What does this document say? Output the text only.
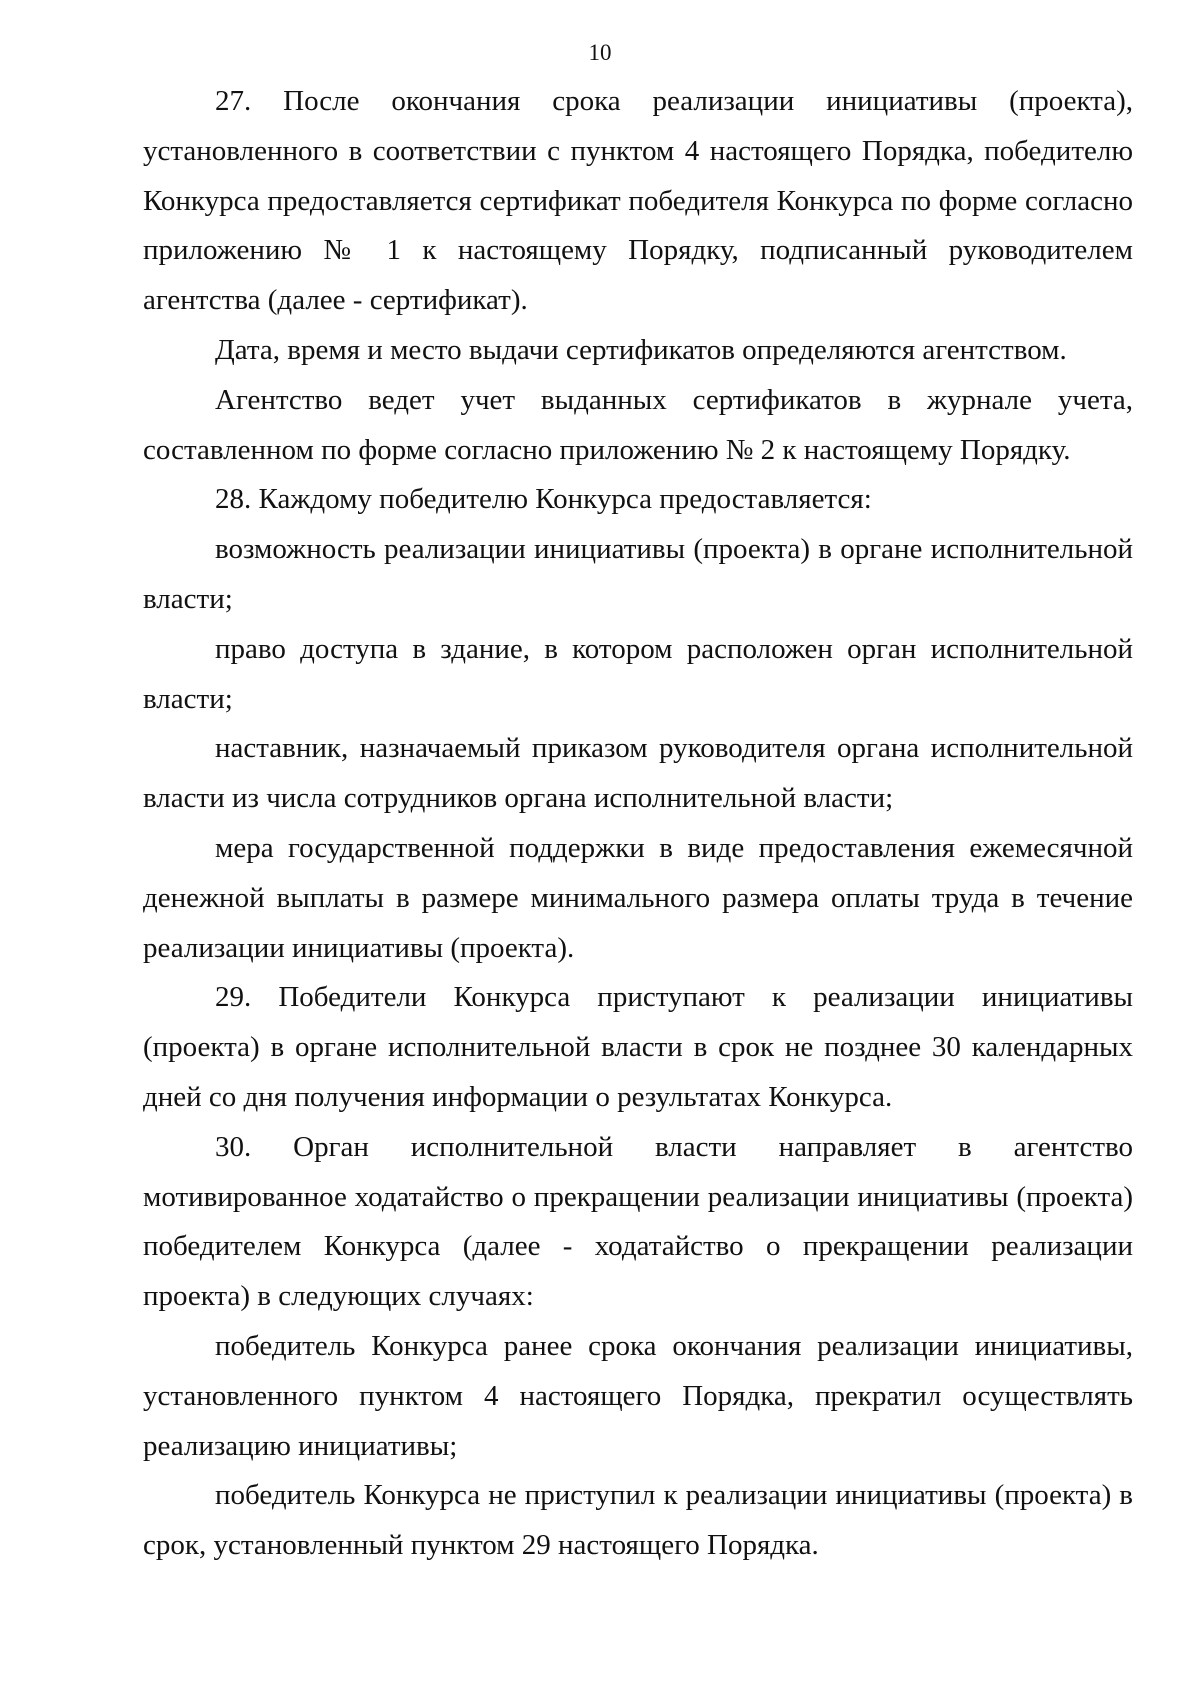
10

27. После окончания срока реализации инициативы (проекта), установленного в соответствии с пунктом 4 настоящего Порядка, победителю Конкурса предоставляется сертификат победителя Конкурса по форме согласно приложению № 1 к настоящему Порядку, подписанный руководителем агентства (далее - сертификат).

Дата, время и место выдачи сертификатов определяются агентством.

Агентство ведет учет выданных сертификатов в журнале учета, составленном по форме согласно приложению № 2 к настоящему Порядку.

28. Каждому победителю Конкурса предоставляется:

возможность реализации инициативы (проекта) в органе исполнительной власти;

право доступа в здание, в котором расположен орган исполнительной власти;

наставник, назначаемый приказом руководителя органа исполнительной власти из числа сотрудников органа исполнительной власти;

мера государственной поддержки в виде предоставления ежемесячной денежной выплаты в размере минимального размера оплаты труда в течение реализации инициативы (проекта).

29. Победители Конкурса приступают к реализации инициативы (проекта) в органе исполнительной власти в срок не позднее 30 календарных дней со дня получения информации о результатах Конкурса.

30. Орган исполнительной власти направляет в агентство мотивированное ходатайство о прекращении реализации инициативы (проекта) победителем Конкурса (далее - ходатайство о прекращении реализации проекта) в следующих случаях:

победитель Конкурса ранее срока окончания реализации инициативы, установленного пунктом 4 настоящего Порядка, прекратил осуществлять реализацию инициативы;

победитель Конкурса не приступил к реализации инициативы (проекта) в срок, установленный пунктом 29 настоящего Порядка.
